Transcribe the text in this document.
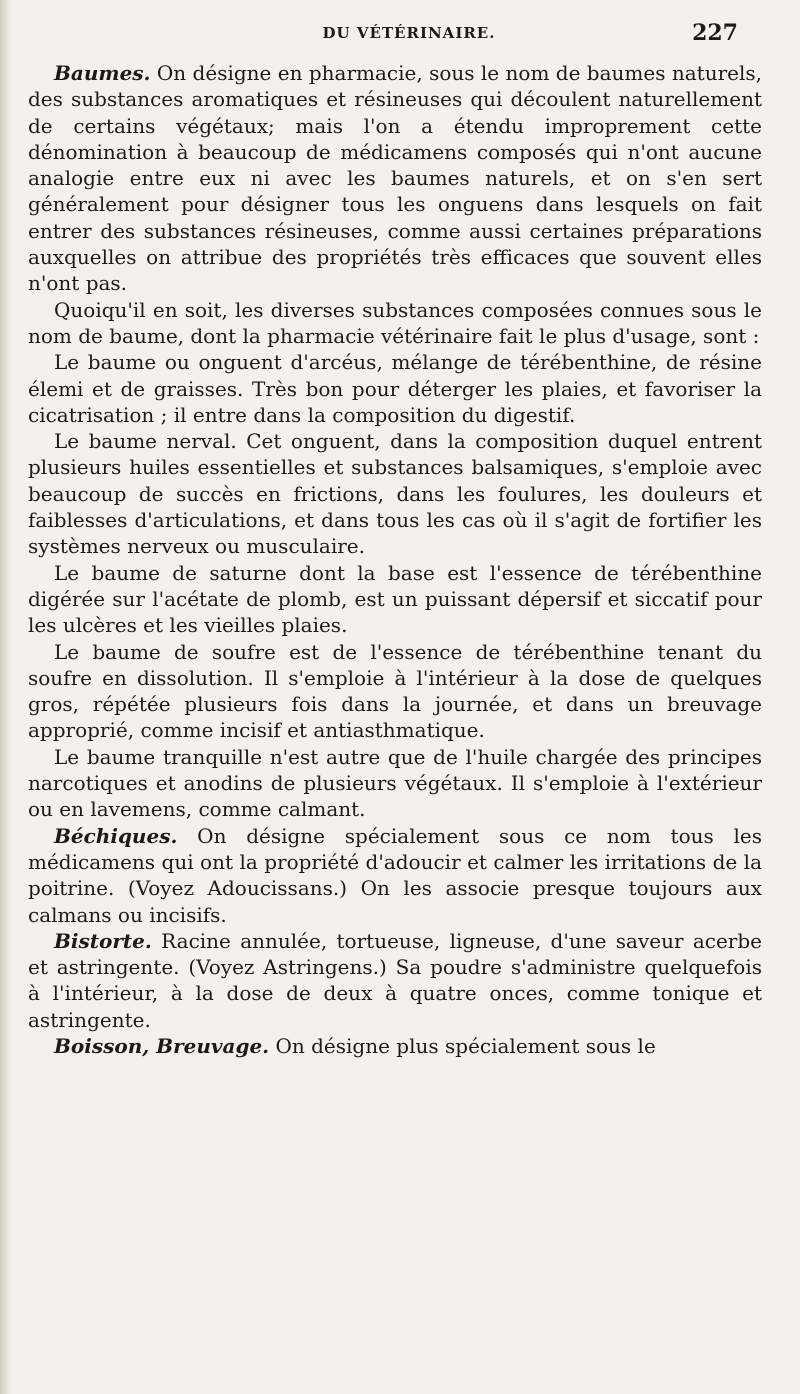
DU VÉTÉRINAIRE.	227

Baumes. On désigne en pharmacie, sous le nom de baumes naturels, des substances aromatiques et résineuses qui découlent naturellement de certains végétaux; mais l'on a étendu improprement cette dénomination à beaucoup de médicamens composés qui n'ont aucune analogie entre eux ni avec les baumes naturels, et on s'en sert généralement pour désigner tous les onguens dans lesquels on fait entrer des substances résineuses, comme aussi certaines préparations auxquelles on attribue des propriétés très efficaces que souvent elles n'ont pas.

Quoiqu'il en soit, les diverses substances composées connues sous le nom de baume, dont la pharmacie vétérinaire fait le plus d'usage, sont :

Le baume ou onguent d'arcéus, mélange de térébenthine, de résine élemi et de graisses. Très bon pour déterger les plaies, et favoriser la cicatrisation ; il entre dans la composition du digestif.

Le baume nerval. Cet onguent, dans la composition duquel entrent plusieurs huiles essentielles et substances balsamiques, s'emploie avec beaucoup de succès en frictions, dans les foulures, les douleurs et faiblesses d'articulations, et dans tous les cas où il s'agit de fortifier les systèmes nerveux ou musculaire.

Le baume de saturne dont la base est l'essence de térébenthine digérée sur l'acétate de plomb, est un puissant dépersif et siccatif pour les ulcères et les vieilles plaies.

Le baume de soufre est de l'essence de térébenthine tenant du soufre en dissolution. Il s'emploie à l'intérieur à la dose de quelques gros, répétée plusieurs fois dans la journée, et dans un breuvage approprié, comme incisif et antiasthmatique.

Le baume tranquille n'est autre que de l'huile chargée des principes narcotiques et anodins de plusieurs végétaux. Il s'emploie à l'extérieur ou en lavemens, comme calmant.

Béchiques. On désigne spécialement sous ce nom tous les médicamens qui ont la propriété d'adoucir et calmer les irritations de la poitrine. (Voyez Adoucissans.) On les associe presque toujours aux calmans ou incisifs.

Bistorte. Racine annulée, tortueuse, ligneuse, d'une saveur acerbe et astringente. (Voyez Astringens.) Sa poudre s'administre quelquefois à l'intérieur, à la dose de deux à quatre onces, comme tonique et astringente.

Boisson, Breuvage. On désigne plus spécialement sous le
